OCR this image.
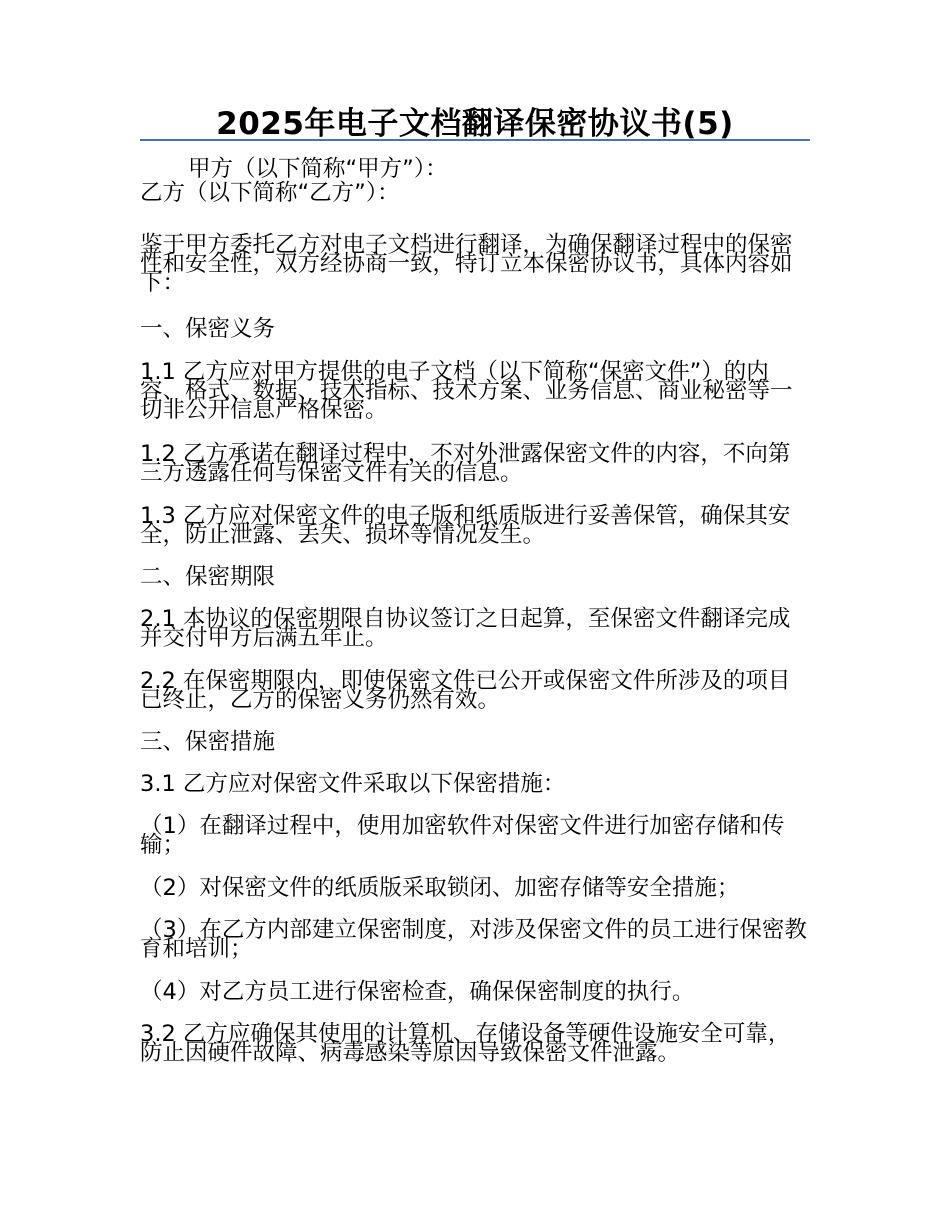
2025年电子文档翻译保密协议书(5)

甲方（以下简称“甲方”）：

乙方（以下简称“乙方”）：

鉴于甲方委托乙方对电子文档进行翻译，为确保翻译过程中的保密性和安全性，双方经协商一致，特订立本保密协议书，具体内容如下：

一、保密义务

1.1 乙方应对甲方提供的电子文档（以下简称“保密文件”）的内容、格式、数据、技术指标、技术方案、业务信息、商业秘密等一切非公开信息严格保密。

1.2 乙方承诺在翻译过程中，不对外泄露保密文件的内容，不向第三方透露任何与保密文件有关的信息。

1.3 乙方应对保密文件的电子版和纸质版进行妥善保管，确保其安全，防止泄露、丢失、损坏等情况发生。

二、保密期限

2.1 本协议的保密期限自协议签订之日起算，至保密文件翻译完成并交付甲方后满五年止。

2.2 在保密期限内，即使保密文件已公开或保密文件所涉及的项目已终止，乙方的保密义务仍然有效。

三、保密措施

3.1 乙方应对保密文件采取以下保密措施：

（1）在翻译过程中，使用加密软件对保密文件进行加密存储和传输；

（2）对保密文件的纸质版采取锁闭、加密存储等安全措施；

（3）在乙方内部建立保密制度，对涉及保密文件的员工进行保密教育和培训；

（4）对乙方员工进行保密检查，确保保密制度的执行。

3.2 乙方应确保其使用的计算机、存储设备等硬件设施安全可靠，防止因硬件故障、病毒感染等原因导致保密文件泄露。
